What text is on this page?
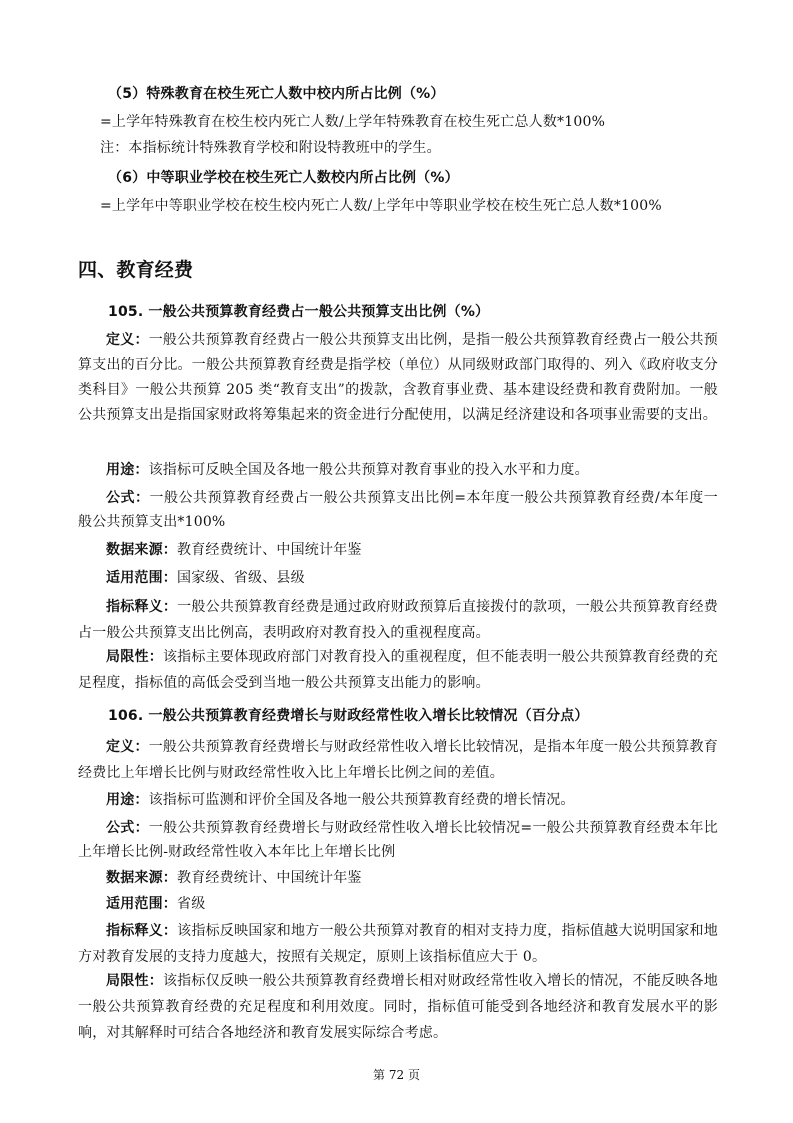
（5）特殊教育在校生死亡人数中校内所占比例（%）
=上学年特殊教育在校生校内死亡人数/上学年特殊教育在校生死亡总人数*100%
注：本指标统计特殊教育学校和附设特教班中的学生。
（6）中等职业学校在校生死亡人数校内所占比例（%）
=上学年中等职业学校在校生校内死亡人数/上学年中等职业学校在校生死亡总人数*100%
四、教育经费
105. 一般公共预算教育经费占一般公共预算支出比例（%）
定义：一般公共预算教育经费占一般公共预算支出比例，是指一般公共预算教育经费占一般公共预算支出的百分比。一般公共预算教育经费是指学校（单位）从同级财政部门取得的、列入《政府收支分类科目》一般公共预算 205 类“教育支出”的拨款，含教育事业费、基本建设经费和教育费附加。一般公共预算支出是指国家财政将筹集起来的资金进行分配使用，以满足经济建设和各项事业需要的支出。
用途：该指标可反映全国及各地一般公共预算对教育事业的投入水平和力度。
公式：一般公共预算教育经费占一般公共预算支出比例=本年度一般公共预算教育经费/本年度一般公共预算支出*100%
数据来源：教育经费统计、中国统计年鉴
适用范围：国家级、省级、县级
指标释义：一般公共预算教育经费是通过政府财政预算后直接拨付的款项，一般公共预算教育经费占一般公共预算支出比例高，表明政府对教育投入的重视程度高。
局限性：该指标主要体现政府部门对教育投入的重视程度，但不能表明一般公共预算教育经费的充足程度，指标值的高低会受到当地一般公共预算支出能力的影响。
106. 一般公共预算教育经费增长与财政经常性收入增长比较情况（百分点）
定义：一般公共预算教育经费增长与财政经常性收入增长比较情况，是指本年度一般公共预算教育经费比上年增长比例与财政经常性收入比上年增长比例之间的差值。
用途：该指标可监测和评价全国及各地一般公共预算教育经费的增长情况。
公式：一般公共预算教育经费增长与财政经常性收入增长比较情况=一般公共预算教育经费本年比上年增长比例-财政经常性收入本年比上年增长比例
数据来源：教育经费统计、中国统计年鉴
适用范围：省级
指标释义：该指标反映国家和地方一般公共预算对教育的相对支持力度，指标值越大说明国家和地方对教育发展的支持力度越大，按照有关规定，原则上该指标值应大于 0。
局限性：该指标仅反映一般公共预算教育经费增长相对财政经常性收入增长的情况，不能反映各地一般公共预算教育经费的充足程度和利用效度。同时，指标值可能受到各地经济和教育发展水平的影响，对其解释时可结合各地经济和教育发展实际综合考虑。
第 72 页
